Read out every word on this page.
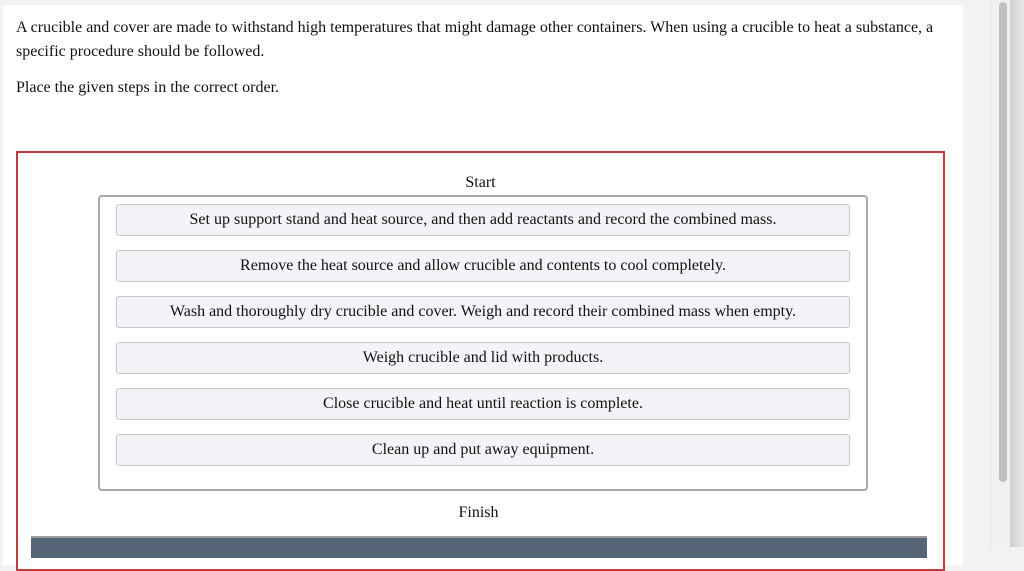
A crucible and cover are made to withstand high temperatures that might damage other containers. When using a crucible to heat a substance, a specific procedure should be followed.

Place the given steps in the correct order.
Start
Set up support stand and heat source, and then add reactants and record the combined mass.
Remove the heat source and allow crucible and contents to cool completely.
Wash and thoroughly dry crucible and cover. Weigh and record their combined mass when empty.
Weigh crucible and lid with products.
Close crucible and heat until reaction is complete.
Clean up and put away equipment.
Finish
